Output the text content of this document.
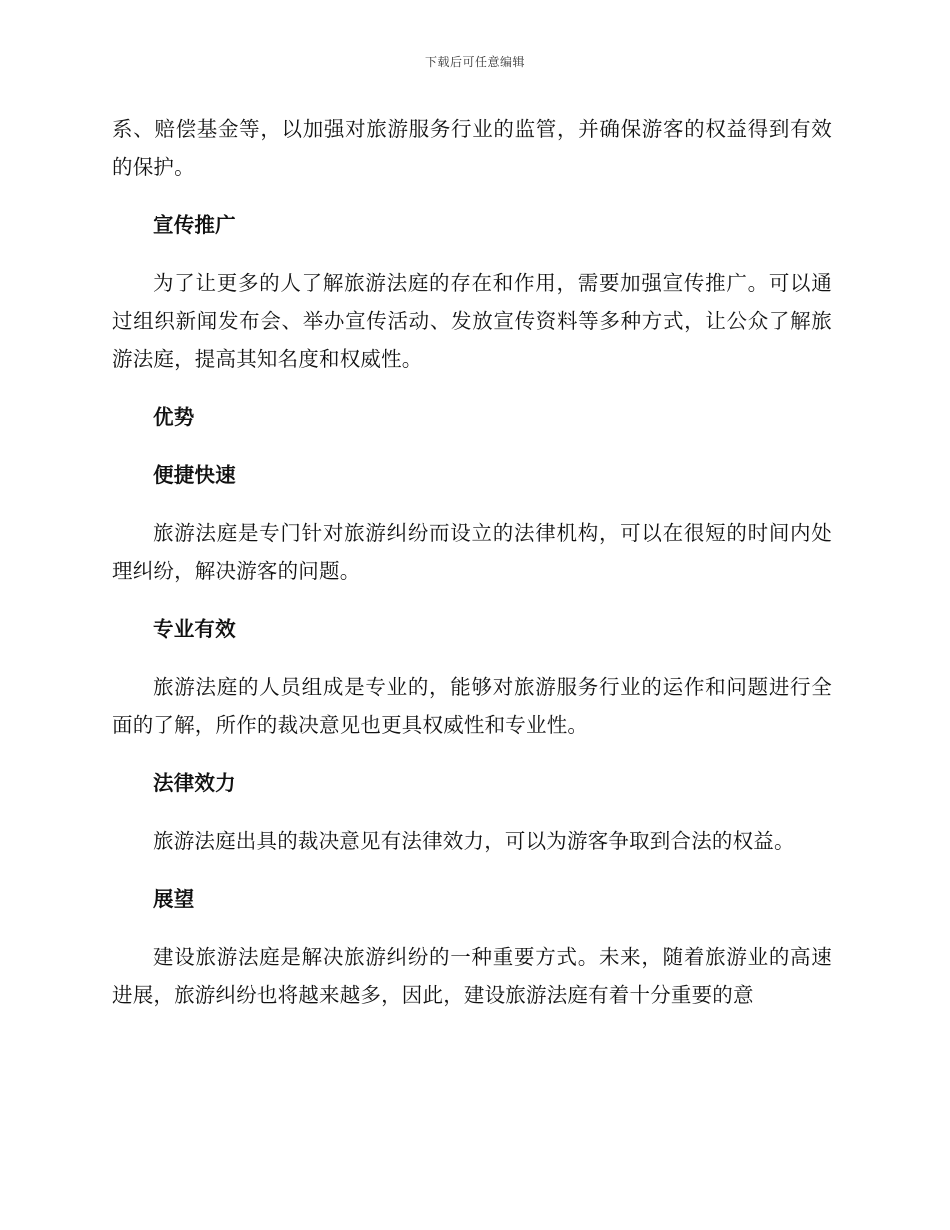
下载后可任意编辑

系、赔偿基金等，以加强对旅游服务行业的监管，并确保游客的权益得到有效的保护。

宣传推广

为了让更多的人了解旅游法庭的存在和作用，需要加强宣传推广。可以通过组织新闻发布会、举办宣传活动、发放宣传资料等多种方式，让公众了解旅游法庭，提高其知名度和权威性。

优势

便捷快速

旅游法庭是专门针对旅游纠纷而设立的法律机构，可以在很短的时间内处理纠纷，解决游客的问题。

专业有效

旅游法庭的人员组成是专业的，能够对旅游服务行业的运作和问题进行全面的了解，所作的裁决意见也更具权威性和专业性。

法律效力

旅游法庭出具的裁决意见有法律效力，可以为游客争取到合法的权益。

展望

建设旅游法庭是解决旅游纠纷的一种重要方式。未来，随着旅游业的高速进展，旅游纠纷也将越来越多，因此，建设旅游法庭有着十分重要的意
